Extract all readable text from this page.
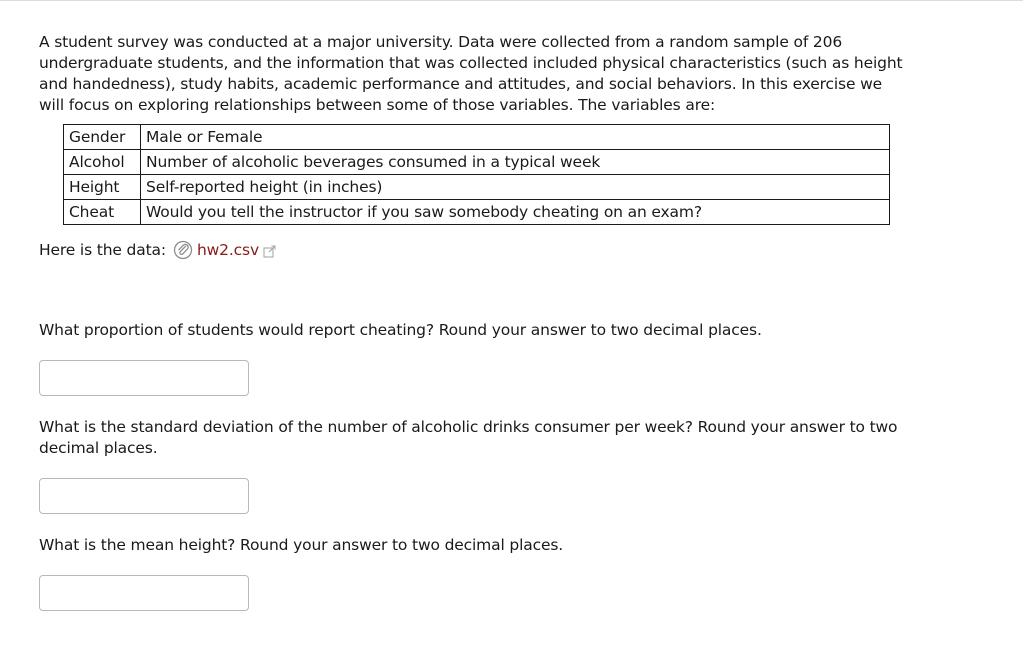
A student survey was conducted at a major university. Data were collected from a random sample of 206 undergraduate students, and the information that was collected included physical characteristics (such as height and handedness), study habits, academic performance and attitudes, and social behaviors. In this exercise we will focus on exploring relationships between some of those variables. The variables are:
Gender	Male or Female
Alcohol	Number of alcoholic beverages consumed in a typical week
Height	Self-reported height (in inches)
Cheat	Would you tell the instructor if you saw somebody cheating on an exam?
Here is the data: hw2.csv
What proportion of students would report cheating? Round your answer to two decimal places.
What is the standard deviation of the number of alcoholic drinks consumer per week? Round your answer to two decimal places.
What is the mean height? Round your answer to two decimal places.
